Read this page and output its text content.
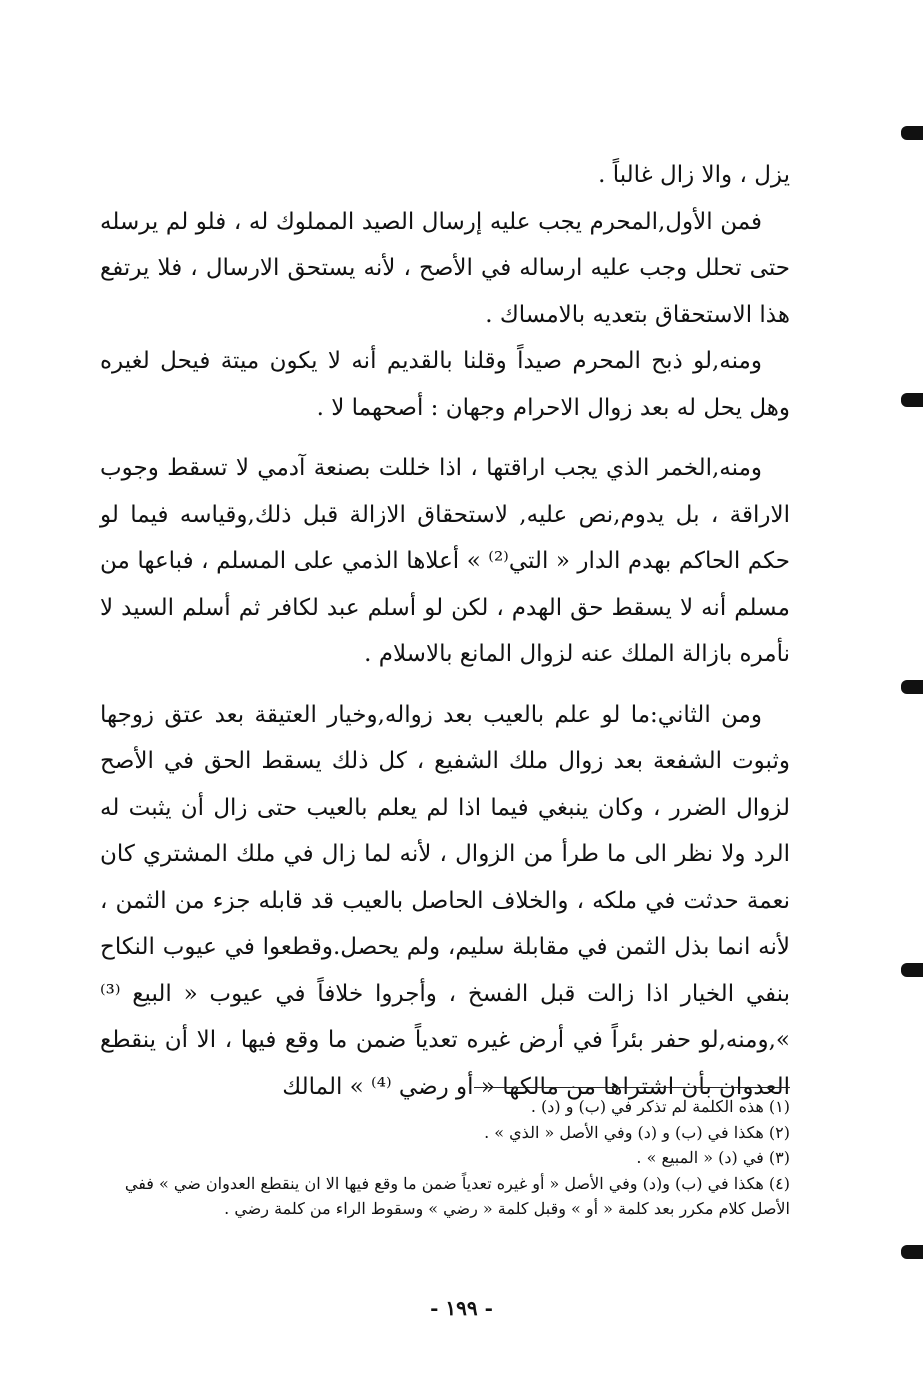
يزل ، والا زال غالباً .

فمن الأول,المحرم يجب عليه إرسال الصيد المملوك له ، فلو لم يرسله حتى تحلل وجب عليه ارساله في الأصح ، لأنه يستحق الارسال ، فلا يرتفع هذا الاستحقاق بتعديه بالامساك .

ومنه,لو ذبح المحرم صيداً وقلنا بالقديم أنه لا يكون ميتة فيحل لغيره وهل يحل له بعد زوال الاحرام وجهان : أصحهما لا .

ومنه,الخمر الذي يجب اراقتها ، اذا خللت بصنعة آدمي لا تسقط وجوب الاراقة ، بل يدوم,نص عليه, لاستحقاق الازالة قبل ذلك,وقياسه فيما لو حكم الحاكم بهدم الدار « التي⁽²⁾ » أعلاها الذمي على المسلم ، فباعها من مسلم أنه لا يسقط حق الهدم ، لكن لو أسلم عبد لكافر ثم أسلم السيد لا نأمره بازالة الملك عنه لزوال المانع بالاسلام .

ومن الثاني:ما لو علم بالعيب بعد زواله,وخيار العتيقة بعد عتق زوجها وثبوت الشفعة بعد زوال ملك الشفيع ، كل ذلك يسقط الحق في الأصح لزوال الضرر ، وكان ينبغي فيما اذا لم يعلم بالعيب حتى زال أن يثبت له الرد ولا نظر الى ما طرأ من الزوال ، لأنه لما زال في ملك المشتري كان نعمة حدثت في ملكه ، والخلاف الحاصل بالعيب قد قابله جزء من الثمن ، لأنه انما بذل الثمن في مقابلة سليم، ولم يحصل.وقطعوا في عيوب النكاح بنفي الخيار اذا زالت قبل الفسخ ، وأجروا خلافاً في عيوب « البيع ⁽³⁾ »,ومنه,لو حفر بئراً في أرض غيره تعدياً ضمن ما وقع فيها ، الا أن ينقطع العدوان بأن اشتراها من مالكها « أو رضي ⁽⁴⁾ » المالك

(١) هذه الكلمة لم تذكر في (ب) و (د) .

(٢) هكذا في (ب) و (د) وفي الأصل « الذي » .

(٣) في (د) « المبيع » .

(٤) هكذا في (ب) و(د) وفي الأصل « أو غيره تعدياً ضمن ما وقع فيها الا ان ينقطع العدوان ضي » ففي الأصل كلام مكرر بعد كلمة « أو » وقبل كلمة « رضي » وسقوط الراء من كلمة رضي .

- ١٩٩ -
